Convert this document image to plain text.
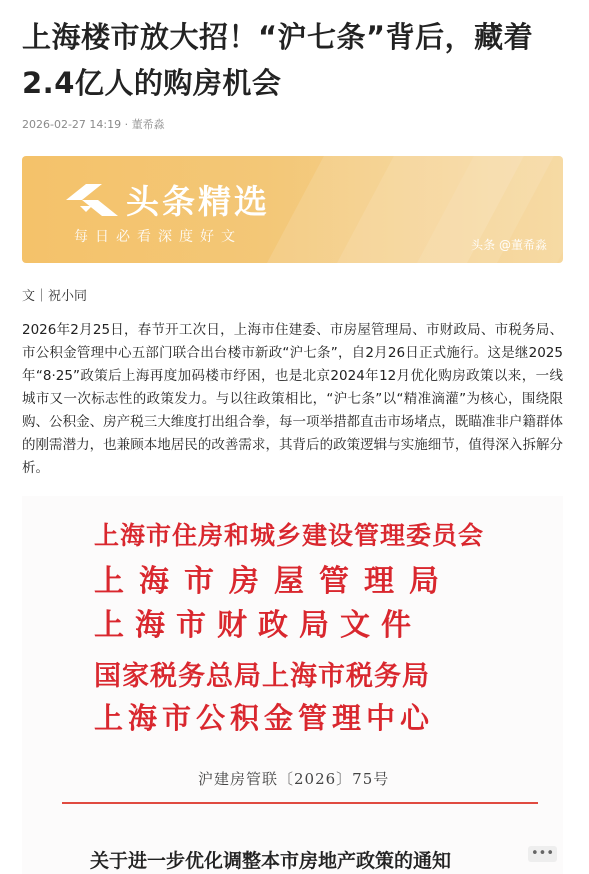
上海楼市放大招！“沪七条”背后，藏着2.4亿人的购房机会
2026-02-27 14:19 · 董希淼
头条精选
每日必看深度好文	头条 @董希淼
文｜祝小同

2026年2月25日，春节开工次日，上海市住建委、市房屋管理局、市财政局、市税务局、市公积金管理中心五部门联合出台楼市新政“沪七条”，自2月26日正式施行。这是继2025年“8·25”政策后上海再度加码楼市纾困，也是北京2024年12月优化购房政策以来，一线城市又一次标志性的政策发力。与以往政策相比，“沪七条”以“精准滴灌”为核心，围绕限购、公积金、房产税三大维度打出组合拳，每一项举措都直击市场堵点，既瞄准非户籍群体的刚需潜力，也兼顾本地居民的改善需求，其背后的政策逻辑与实施细节，值得深入拆解分析。

上海市住房和城乡建设管理委员会
上海市房屋管理局
上海市财政局文件
国家税务总局上海市税务局
上海市公积金管理中心
沪建房管联〔2026〕75号
关于进一步优化调整本市房地产政策的通知	•••
